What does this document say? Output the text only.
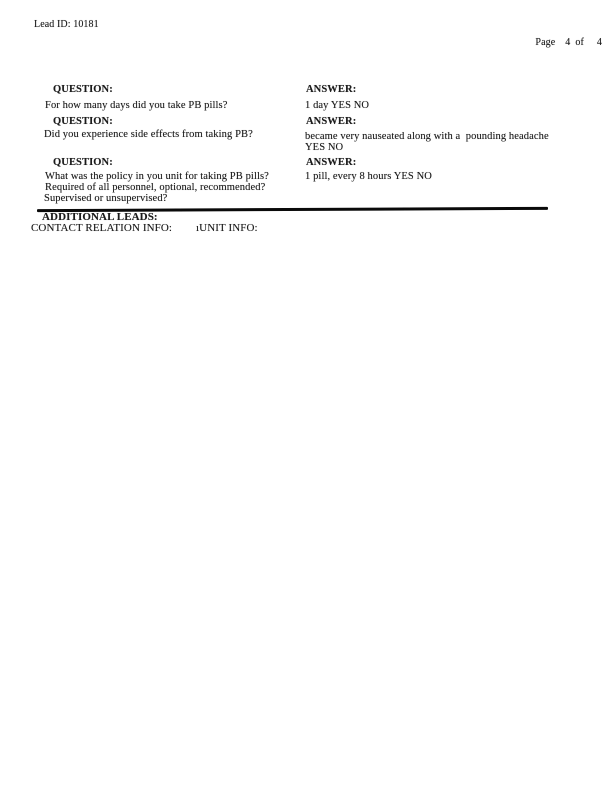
Lead ID: 10181

Page 4 of 4

QUESTION:
For how many days did you take PB pills?
ANSWER:
1 day YES NO
QUESTION:
Did you experience side effects from taking PB?
ANSWER:
became very nauseated along with a  pounding headache
YES NO
QUESTION:
What was the policy in you unit for taking PB pills?
Required of all personnel, optional, recommended?
Supervised or unsupervised?
ANSWER:
1 pill, every 8 hours YES NO
ADDITIONAL LEADS:
CONTACT RELATION INFO: ıUNIT INFO:
